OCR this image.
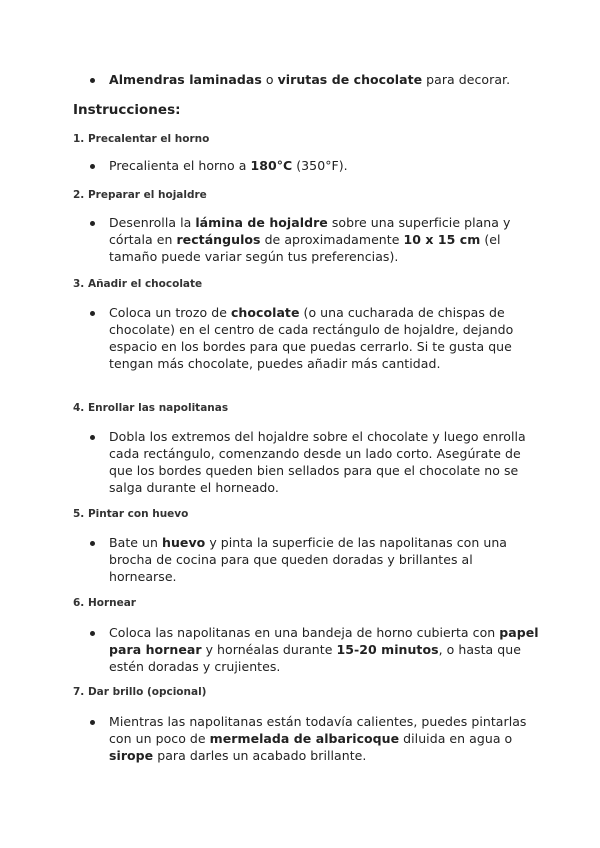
Almendras laminadas o virutas de chocolate para decorar.
Instrucciones:
1. Precalentar el horno
Precalienta el horno a 180°C (350°F).
2. Preparar el hojaldre
Desenrolla la lámina de hojaldre sobre una superficie plana y córtala en rectángulos de aproximadamente 10 x 15 cm (el tamaño puede variar según tus preferencias).
3. Añadir el chocolate
Coloca un trozo de chocolate (o una cucharada de chispas de chocolate) en el centro de cada rectángulo de hojaldre, dejando espacio en los bordes para que puedas cerrarlo. Si te gusta que tengan más chocolate, puedes añadir más cantidad.
4. Enrollar las napolitanas
Dobla los extremos del hojaldre sobre el chocolate y luego enrolla cada rectángulo, comenzando desde un lado corto. Asegúrate de que los bordes queden bien sellados para que el chocolate no se salga durante el horneado.
5. Pintar con huevo
Bate un huevo y pinta la superficie de las napolitanas con una brocha de cocina para que queden doradas y brillantes al hornearse.
6. Hornear
Coloca las napolitanas en una bandeja de horno cubierta con papel para hornear y hornéalas durante 15-20 minutos, o hasta que estén doradas y crujientes.
7. Dar brillo (opcional)
Mientras las napolitanas están todavía calientes, puedes pintarlas con un poco de mermelada de albaricoque diluida en agua o sirope para darles un acabado brillante.
